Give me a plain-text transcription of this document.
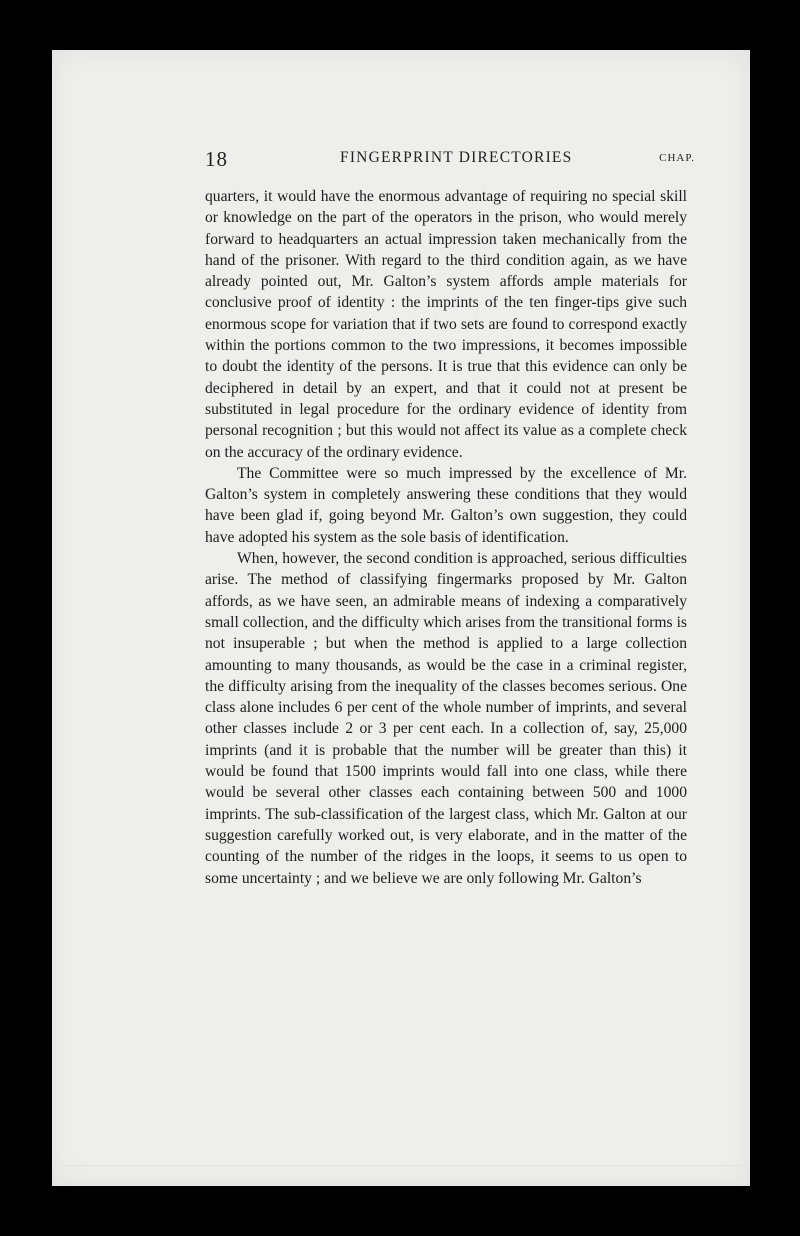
18	FINGERPRINT DIRECTORIES	CHAP.

quarters, it would have the enormous advantage of requiring no special skill or knowledge on the part of the operators in the prison, who would merely forward to headquarters an actual impression taken mechanically from the hand of the prisoner. With regard to the third condition again, as we have already pointed out, Mr. Galton’s system affords ample materials for conclusive proof of identity : the imprints of the ten finger-tips give such enormous scope for variation that if two sets are found to correspond exactly within the portions common to the two impressions, it becomes impossible to doubt the identity of the persons. It is true that this evidence can only be deciphered in detail by an expert, and that it could not at present be substituted in legal procedure for the ordinary evidence of identity from personal recognition ; but this would not affect its value as a complete check on the accuracy of the ordinary evidence.

The Committee were so much impressed by the excellence of Mr. Galton’s system in completely answering these conditions that they would have been glad if, going beyond Mr. Galton’s own suggestion, they could have adopted his system as the sole basis of identification.

When, however, the second condition is approached, serious difficulties arise. The method of classifying fingermarks proposed by Mr. Galton affords, as we have seen, an admirable means of indexing a comparatively small collection, and the difficulty which arises from the transitional forms is not insuperable ; but when the method is applied to a large collection amounting to many thousands, as would be the case in a criminal register, the difficulty arising from the inequality of the classes becomes serious. One class alone includes 6 per cent of the whole number of imprints, and several other classes include 2 or 3 per cent each. In a collection of, say, 25,000 imprints (and it is probable that the number will be greater than this) it would be found that 1500 imprints would fall into one class, while there would be several other classes each containing between 500 and 1000 imprints. The sub-classification of the largest class, which Mr. Galton at our suggestion carefully worked out, is very elaborate, and in the matter of the counting of the number of the ridges in the loops, it seems to us open to some uncertainty ; and we believe we are only following Mr. Galton’s
